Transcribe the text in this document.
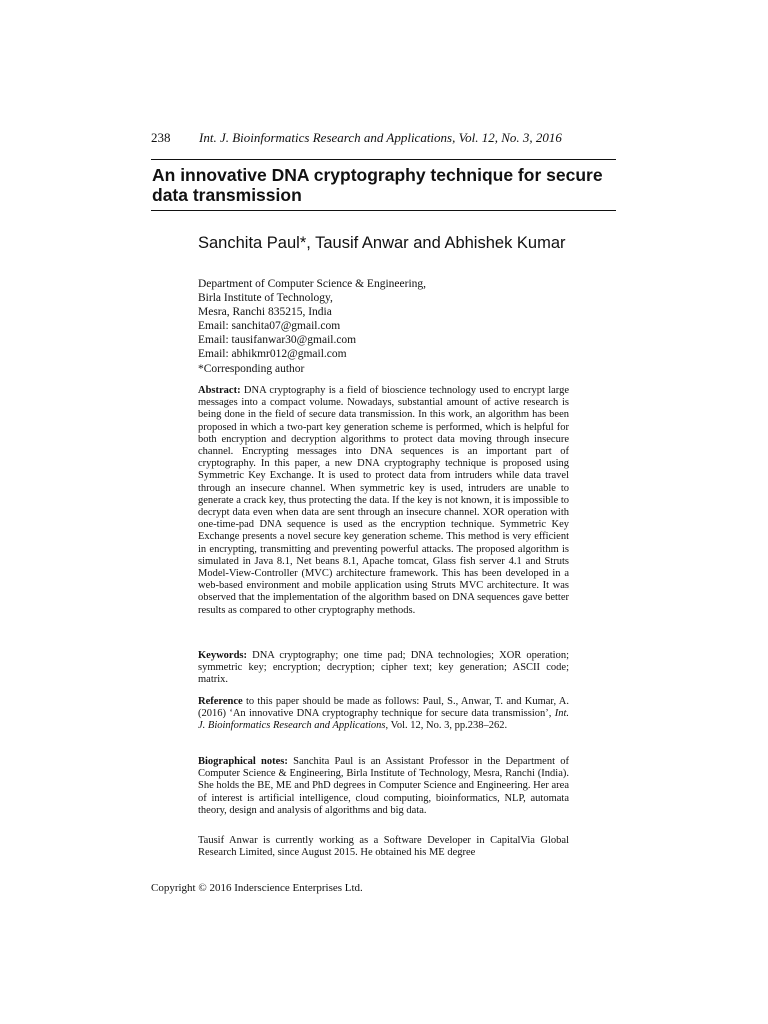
238 Int. J. Bioinformatics Research and Applications, Vol. 12, No. 3, 2016
An innovative DNA cryptography technique for secure data transmission
Sanchita Paul*, Tausif Anwar and Abhishek Kumar
Department of Computer Science & Engineering,
Birla Institute of Technology,
Mesra, Ranchi 835215, India
Email: sanchita07@gmail.com
Email: tausifanwar30@gmail.com
Email: abhikmr012@gmail.com
*Corresponding author
Abstract: DNA cryptography is a field of bioscience technology used to encrypt large messages into a compact volume. Nowadays, substantial amount of active research is being done in the field of secure data transmission. In this work, an algorithm has been proposed in which a two-part key generation scheme is performed, which is helpful for both encryption and decryption algorithms to protect data moving through insecure channel. Encrypting messages into DNA sequences is an important part of cryptography. In this paper, a new DNA cryptography technique is proposed using Symmetric Key Exchange. It is used to protect data from intruders while data travel through an insecure channel. When symmetric key is used, intruders are unable to generate a crack key, thus protecting the data. If the key is not known, it is impossible to decrypt data even when data are sent through an insecure channel. XOR operation with one-time-pad DNA sequence is used as the encryption technique. Symmetric Key Exchange presents a novel secure key generation scheme. This method is very efficient in encrypting, transmitting and preventing powerful attacks. The proposed algorithm is simulated in Java 8.1, Net beans 8.1, Apache tomcat, Glass fish server 4.1 and Struts Model-View-Controller (MVC) architecture framework. This has been developed in a web-based environment and mobile application using Struts MVC architecture. It was observed that the implementation of the algorithm based on DNA sequences gave better results as compared to other cryptography methods.
Keywords: DNA cryptography; one time pad; DNA technologies; XOR operation; symmetric key; encryption; decryption; cipher text; key generation; ASCII code; matrix.
Reference to this paper should be made as follows: Paul, S., Anwar, T. and Kumar, A. (2016) ‘An innovative DNA cryptography technique for secure data transmission’, Int. J. Bioinformatics Research and Applications, Vol. 12, No. 3, pp.238–262.
Biographical notes: Sanchita Paul is an Assistant Professor in the Department of Computer Science & Engineering, Birla Institute of Technology, Mesra, Ranchi (India). She holds the BE, ME and PhD degrees in Computer Science and Engineering. Her area of interest is artificial intelligence, cloud computing, bioinformatics, NLP, automata theory, design and analysis of algorithms and big data.
Tausif Anwar is currently working as a Software Developer in CapitalVia Global Research Limited, since August 2015. He obtained his ME degree
Copyright © 2016 Inderscience Enterprises Ltd.
